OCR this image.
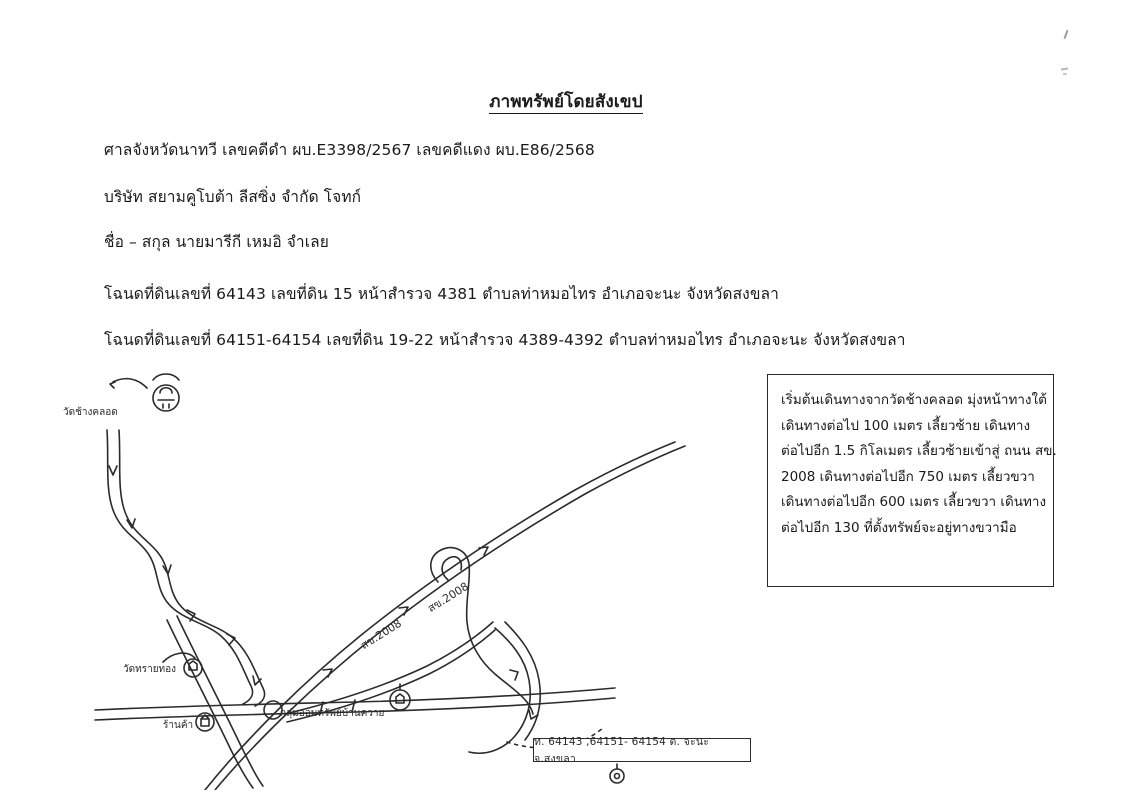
ภาพทรัพย์โดยสังเขป
ศาลจังหวัดนาทวี เลขคดีดำ ผบ.E3398/2567 เลขคดีแดง ผบ.E86/2568
บริษัท สยามคูโบต้า ลีสซิ่ง จำกัด โจทก์
ชื่อ – สกุล นายมารีกี เหมอิ จำเลย
โฉนดที่ดินเลขที่ 64143 เลขที่ดิน 15 หน้าสำรวจ 4381 ตำบลท่าหมอไทร อำเภอจะนะ จังหวัดสงขลา
โฉนดที่ดินเลขที่ 64151-64154 เลขที่ดิน 19-22 หน้าสำรวจ 4389-4392 ตำบลท่าหมอไทร อำเภอจะนะ จังหวัดสงขลา
เริ่มต้นเดินทางจากวัดช้างคลอด มุ่งหน้าทางใต้
เดินทางต่อไป 100 เมตร เลี้ยวซ้าย เดินทาง
ต่อไปอีก 1.5 กิโลเมตร เลี้ยวซ้ายเข้าสู่ ถนน สข.
2008 เดินทางต่อไปอีก 750 เมตร เลี้ยวขวา
เดินทางต่อไปอีก 600 เมตร เลี้ยวขวา เดินทาง
ต่อไปอีก 130 ที่ตั้งทรัพย์จะอยู่ทางขวามือ
วัดช้างคลอด
วัดทรายทอง
ร้านค้า
กลุ่มออมทรัพย์บ้านควาย
สข.2008
สข.2008
ท. 64143 ,64151- 64154 ต. จะนะ จ.สงขลา
